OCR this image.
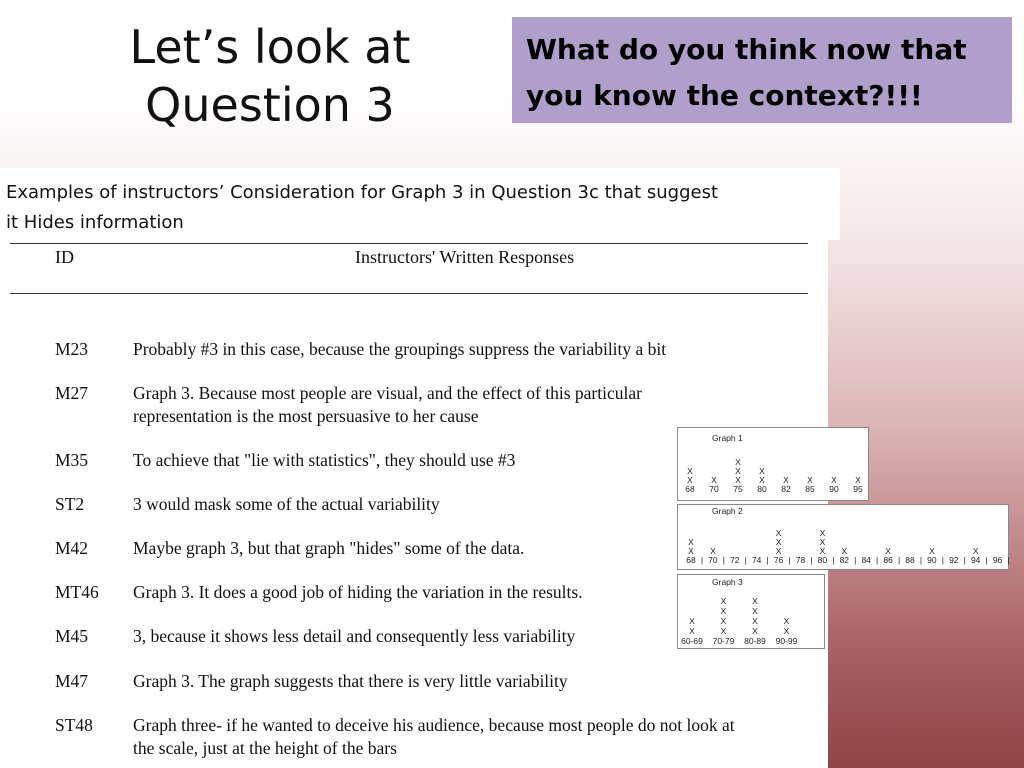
Let’s look at
Question 3
What do you think now that
you know the context?!!!
Examples of instructors’ Consideration for Graph 3 in Question 3c that suggest
it Hides information
ID	Instructors' Written Responses
M23	Probably #3 in this case, because the groupings suppress the variability a bit
M27	Graph 3. Because most people are visual, and the effect of this particular
representation is the most persuasive to her cause
M35	To achieve that "lie with statistics", they should use #3
ST2	3 would mask some of the actual variability
M42	Maybe graph 3, but that graph "hides" some of the data.
MT46 Graph 3. It does a good job of hiding the variation in the results.
M45	3, because it shows less detail and consequently less variability
M47	Graph 3. The graph suggests that there is very little variability
ST48 Graph three- if he wanted to deceive his audience, because most people do not look at
the scale, just at the height of the bars
Graph 1
68
X
X
70
X
75
X
X
X
80
X
X
82
X
85
X
90
X
95
X
Graph 2
68 |
X
X
70 |
X
72 | 74 | 76 |
X
X
X
78 | 80 |
X
X
X
82 |
X
84 | 86 |
X
88 | 90 |
X
92 | 94 |
X
96 |
Graph 3
60-69
X
X
70-79
X
X
X
X
80-89
X
X
X
X
90-99
X
X
